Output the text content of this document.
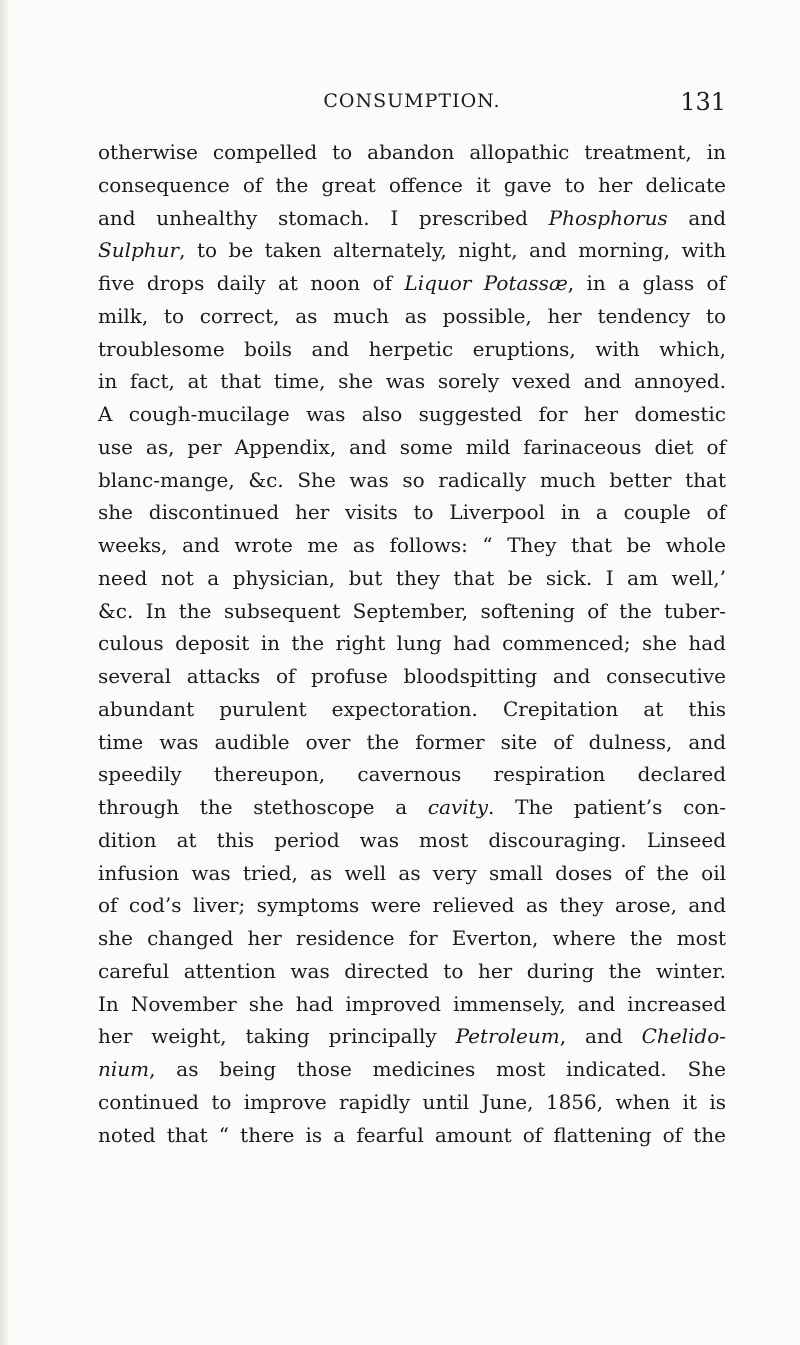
CONSUMPTION.	131
otherwise compelled to abandon allopathic treatment, in
consequence of the great offence it gave to her delicate
and unhealthy stomach. I prescribed Phosphorus and
Sulphur, to be taken alternately, night, and morning, with
five drops daily at noon of Liquor Potassæ, in a glass of
milk, to correct, as much as possible, her tendency to
troublesome boils and herpetic eruptions, with which,
in fact, at that time, she was sorely vexed and annoyed.
A cough-mucilage was also suggested for her domestic
use as, per Appendix, and some mild farinaceous diet of
blanc-mange, &c. She was so radically much better that
she discontinued her visits to Liverpool in a couple of
weeks, and wrote me as follows: “ They that be whole
need not a physician, but they that be sick. I am well,’
&c. In the subsequent September, softening of the tuber-
culous deposit in the right lung had commenced; she had
several attacks of profuse bloodspitting and consecutive
abundant purulent expectoration. Crepitation at this
time was audible over the former site of dulness, and
speedily thereupon, cavernous respiration declared
through the stethoscope a cavity. The patient’s con-
dition at this period was most discouraging. Linseed
infusion was tried, as well as very small doses of the oil
of cod’s liver; symptoms were relieved as they arose, and
she changed her residence for Everton, where the most
careful attention was directed to her during the winter.
In November she had improved immensely, and increased
her weight, taking principally Petroleum, and Chelido-
nium, as being those medicines most indicated. She
continued to improve rapidly until June, 1856, when it is
noted that “ there is a fearful amount of flattening of the
